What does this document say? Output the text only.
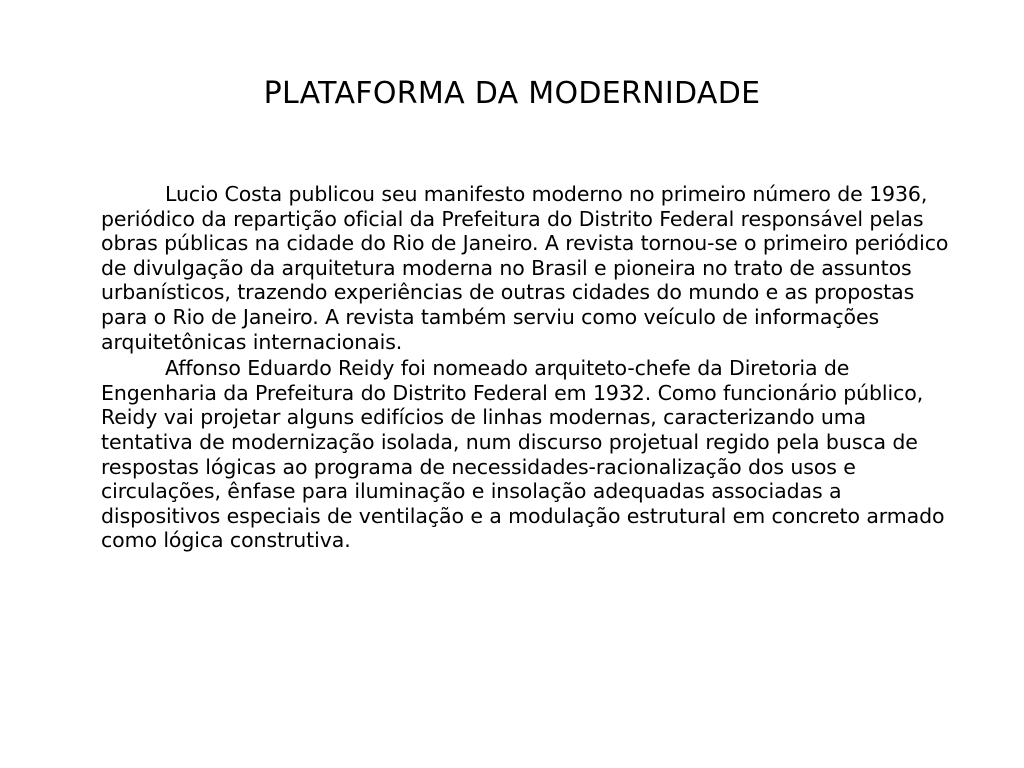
PLATAFORMA DA MODERNIDADE

Lucio Costa publicou seu manifesto moderno no primeiro número de 1936, periódico da repartição oficial da Prefeitura do Distrito Federal responsável pelas obras públicas na cidade do Rio de Janeiro. A revista tornou-se o primeiro periódico de divulgação da arquitetura moderna no Brasil e pioneira no trato de assuntos urbanísticos, trazendo experiências de outras cidades do mundo e as propostas para o Rio de Janeiro. A revista também serviu como veículo de informações arquitetônicas internacionais.

Affonso Eduardo Reidy foi nomeado arquiteto-chefe da Diretoria de Engenharia da Prefeitura do Distrito Federal em 1932. Como funcionário público, Reidy vai projetar alguns edifícios de linhas modernas, caracterizando uma tentativa de modernização isolada, num discurso projetual regido pela busca de respostas lógicas ao programa de necessidades-racionalização dos usos e circulações, ênfase para iluminação e insolação adequadas associadas a dispositivos especiais de ventilação e a modulação estrutural em concreto armado como lógica construtiva.
